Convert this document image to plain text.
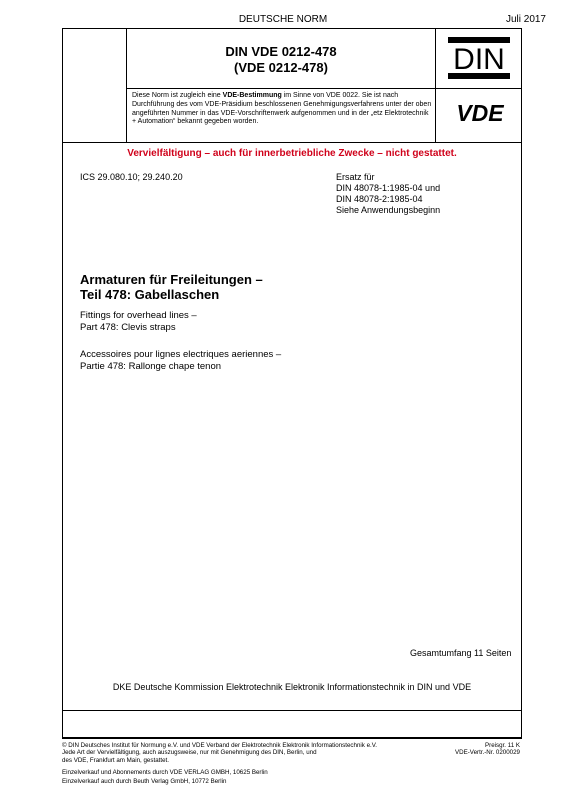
DEUTSCHE NORM	Juli 2017
DIN VDE 0212-478
(VDE 0212-478)
Diese Norm ist zugleich eine VDE-Bestimmung im Sinne von VDE 0022. Sie ist nach Durchführung des vom VDE-Präsidium beschlossenen Genehmigungsverfahrens unter der oben angeführten Nummer in das VDE-Vorschriftenwerk aufgenommen und in der „etz Elektrotechnik + Automation“ bekannt gegeben worden.
DIN
VDE
Vervielfältigung – auch für innerbetriebliche Zwecke – nicht gestattet.
ICS 29.080.10; 29.240.20	Ersatz für
DIN 48078-1:1985-04 und
DIN 48078-2:1985-04
Siehe Anwendungsbeginn
Armaturen für Freileitungen –
Teil 478: Gabellaschen
Fittings for overhead lines –
Part 478: Clevis straps
Accessoires pour lignes electriques aeriennes –
Partie 478: Rallonge chape tenon
Gesamtumfang 11 Seiten
DKE Deutsche Kommission Elektrotechnik Elektronik Informationstechnik in DIN und VDE
© DIN Deutsches Institut für Normung e.V. und VDE Verband der Elektrotechnik Elektronik Informationstechnik e.V.
Jede Art der Vervielfältigung, auch auszugsweise, nur mit Genehmigung des DIN, Berlin, und
des VDE, Frankfurt am Main, gestattet.
Preisgr. 11 K
VDE-Vertr.-Nr. 0200029
Einzelverkauf und Abonnements durch VDE VERLAG GMBH, 10625 Berlin
Einzelverkauf auch durch Beuth Verlag GmbH, 10772 Berlin
